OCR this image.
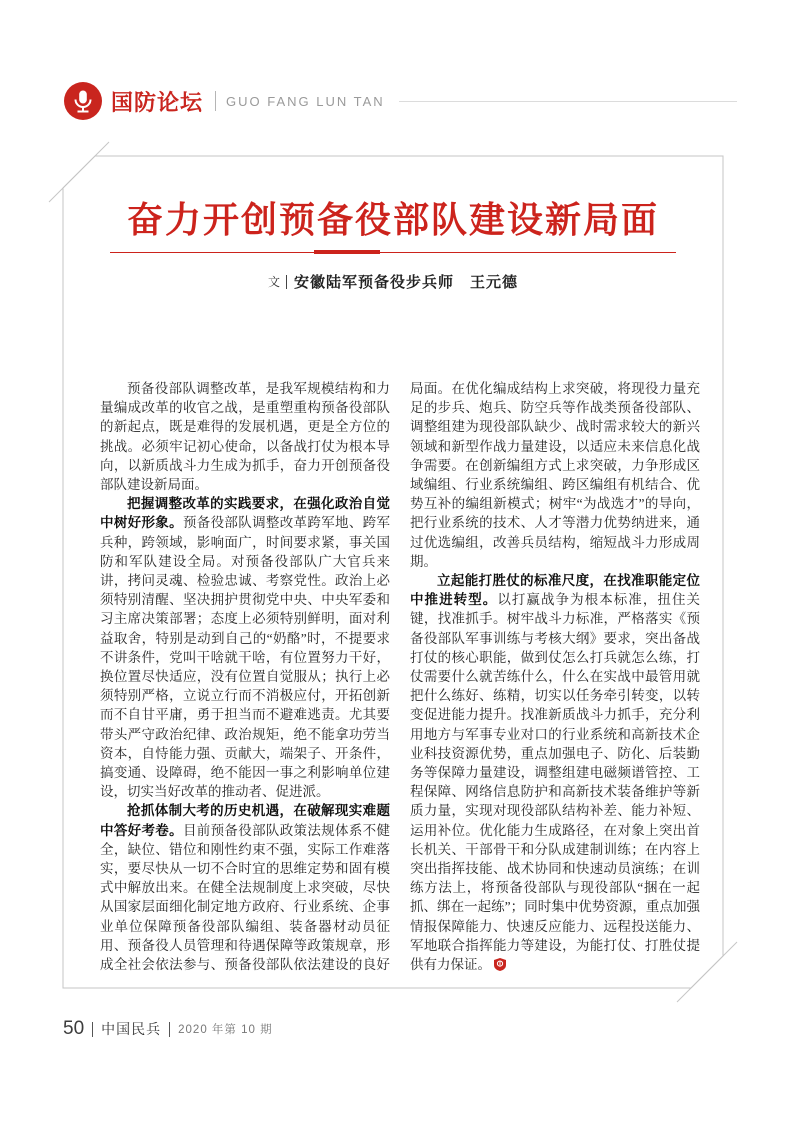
国防论坛 GUO FANG LUN TAN
奋力开创预备役部队建设新局面
文 安徽陆军预备役步兵师　王元德

预备役部队调整改革，是我军规模结构和力量编成改革的收官之战，是重塑重构预备役部队的新起点，既是难得的发展机遇，更是全方位的挑战。必须牢记初心使命，以备战打仗为根本导向，以新质战斗力生成为抓手，奋力开创预备役部队建设新局面。

把握调整改革的实践要求，在强化政治自觉中树好形象。预备役部队调整改革跨军地、跨军兵种，跨领域，影响面广，时间要求紧，事关国防和军队建设全局。对预备役部队广大官兵来讲，拷问灵魂、检验忠诚、考察党性。政治上必须特别清醒、坚决拥护贯彻党中央、中央军委和习主席决策部署；态度上必须特别鲜明，面对利益取舍，特别是动到自己的“奶酪”时，不提要求不讲条件，党叫干啥就干啥，有位置努力干好，换位置尽快适应，没有位置自觉服从；执行上必须特别严格，立说立行而不消极应付，开拓创新而不自甘平庸，勇于担当而不避难逃责。尤其要带头严守政治纪律、政治规矩，绝不能拿功劳当资本，自恃能力强、贡献大，端架子、开条件，搞变通、设障碍，绝不能因一事之利影响单位建设，切实当好改革的推动者、促进派。

抢抓体制大考的历史机遇，在破解现实难题中答好考卷。目前预备役部队政策法规体系不健全，缺位、错位和刚性约束不强，实际工作难落实，要尽快从一切不合时宜的思维定势和固有模式中解放出来。在健全法规制度上求突破，尽快从国家层面细化制定地方政府、行业系统、企事业单位保障预备役部队编组、装备器材动员征用、预备役人员管理和待遇保障等政策规章，形成全社会依法参与、预备役部队依法建设的良好局面。在优化编成结构上求突破，将现役力量充足的步兵、炮兵、防空兵等作战类预备役部队、调整组建为现役部队缺少、战时需求较大的新兴领域和新型作战力量建设，以适应未来信息化战争需要。在创新编组方式上求突破，力争形成区域编组、行业系统编组、跨区编组有机结合、优势互补的编组新模式；树牢“为战选才”的导向，把行业系统的技术、人才等潜力优势纳进来，通过优选编组，改善兵员结构，缩短战斗力形成周期。

立起能打胜仗的标准尺度，在找准职能定位中推进转型。以打赢战争为根本标准，扭住关键，找准抓手。树牢战斗力标准，严格落实《预备役部队军事训练与考核大纲》要求，突出备战打仗的核心职能，做到仗怎么打兵就怎么练，打仗需要什么就苦练什么，什么在实战中最管用就把什么练好、练精，切实以任务牵引转变，以转变促进能力提升。找准新质战斗力抓手，充分利用地方与军事专业对口的行业系统和高新技术企业科技资源优势，重点加强电子、防化、后装勤务等保障力量建设，调整组建电磁频谱管控、工程保障、网络信息防护和高新技术装备维护等新质力量，实现对现役部队结构补差、能力补短、运用补位。优化能力生成路径，在对象上突出首长机关、干部骨干和分队成建制训练；在内容上突出指挥技能、战术协同和快速动员演练；在训练方法上，将预备役部队与现役部队“捆在一起抓、绑在一起练”；同时集中优势资源，重点加强情报保障能力、快速反应能力、远程投送能力、军地联合指挥能力等建设，为能打仗、打胜仗提供有力保证。

50 中国民兵 2020 年第 10 期
